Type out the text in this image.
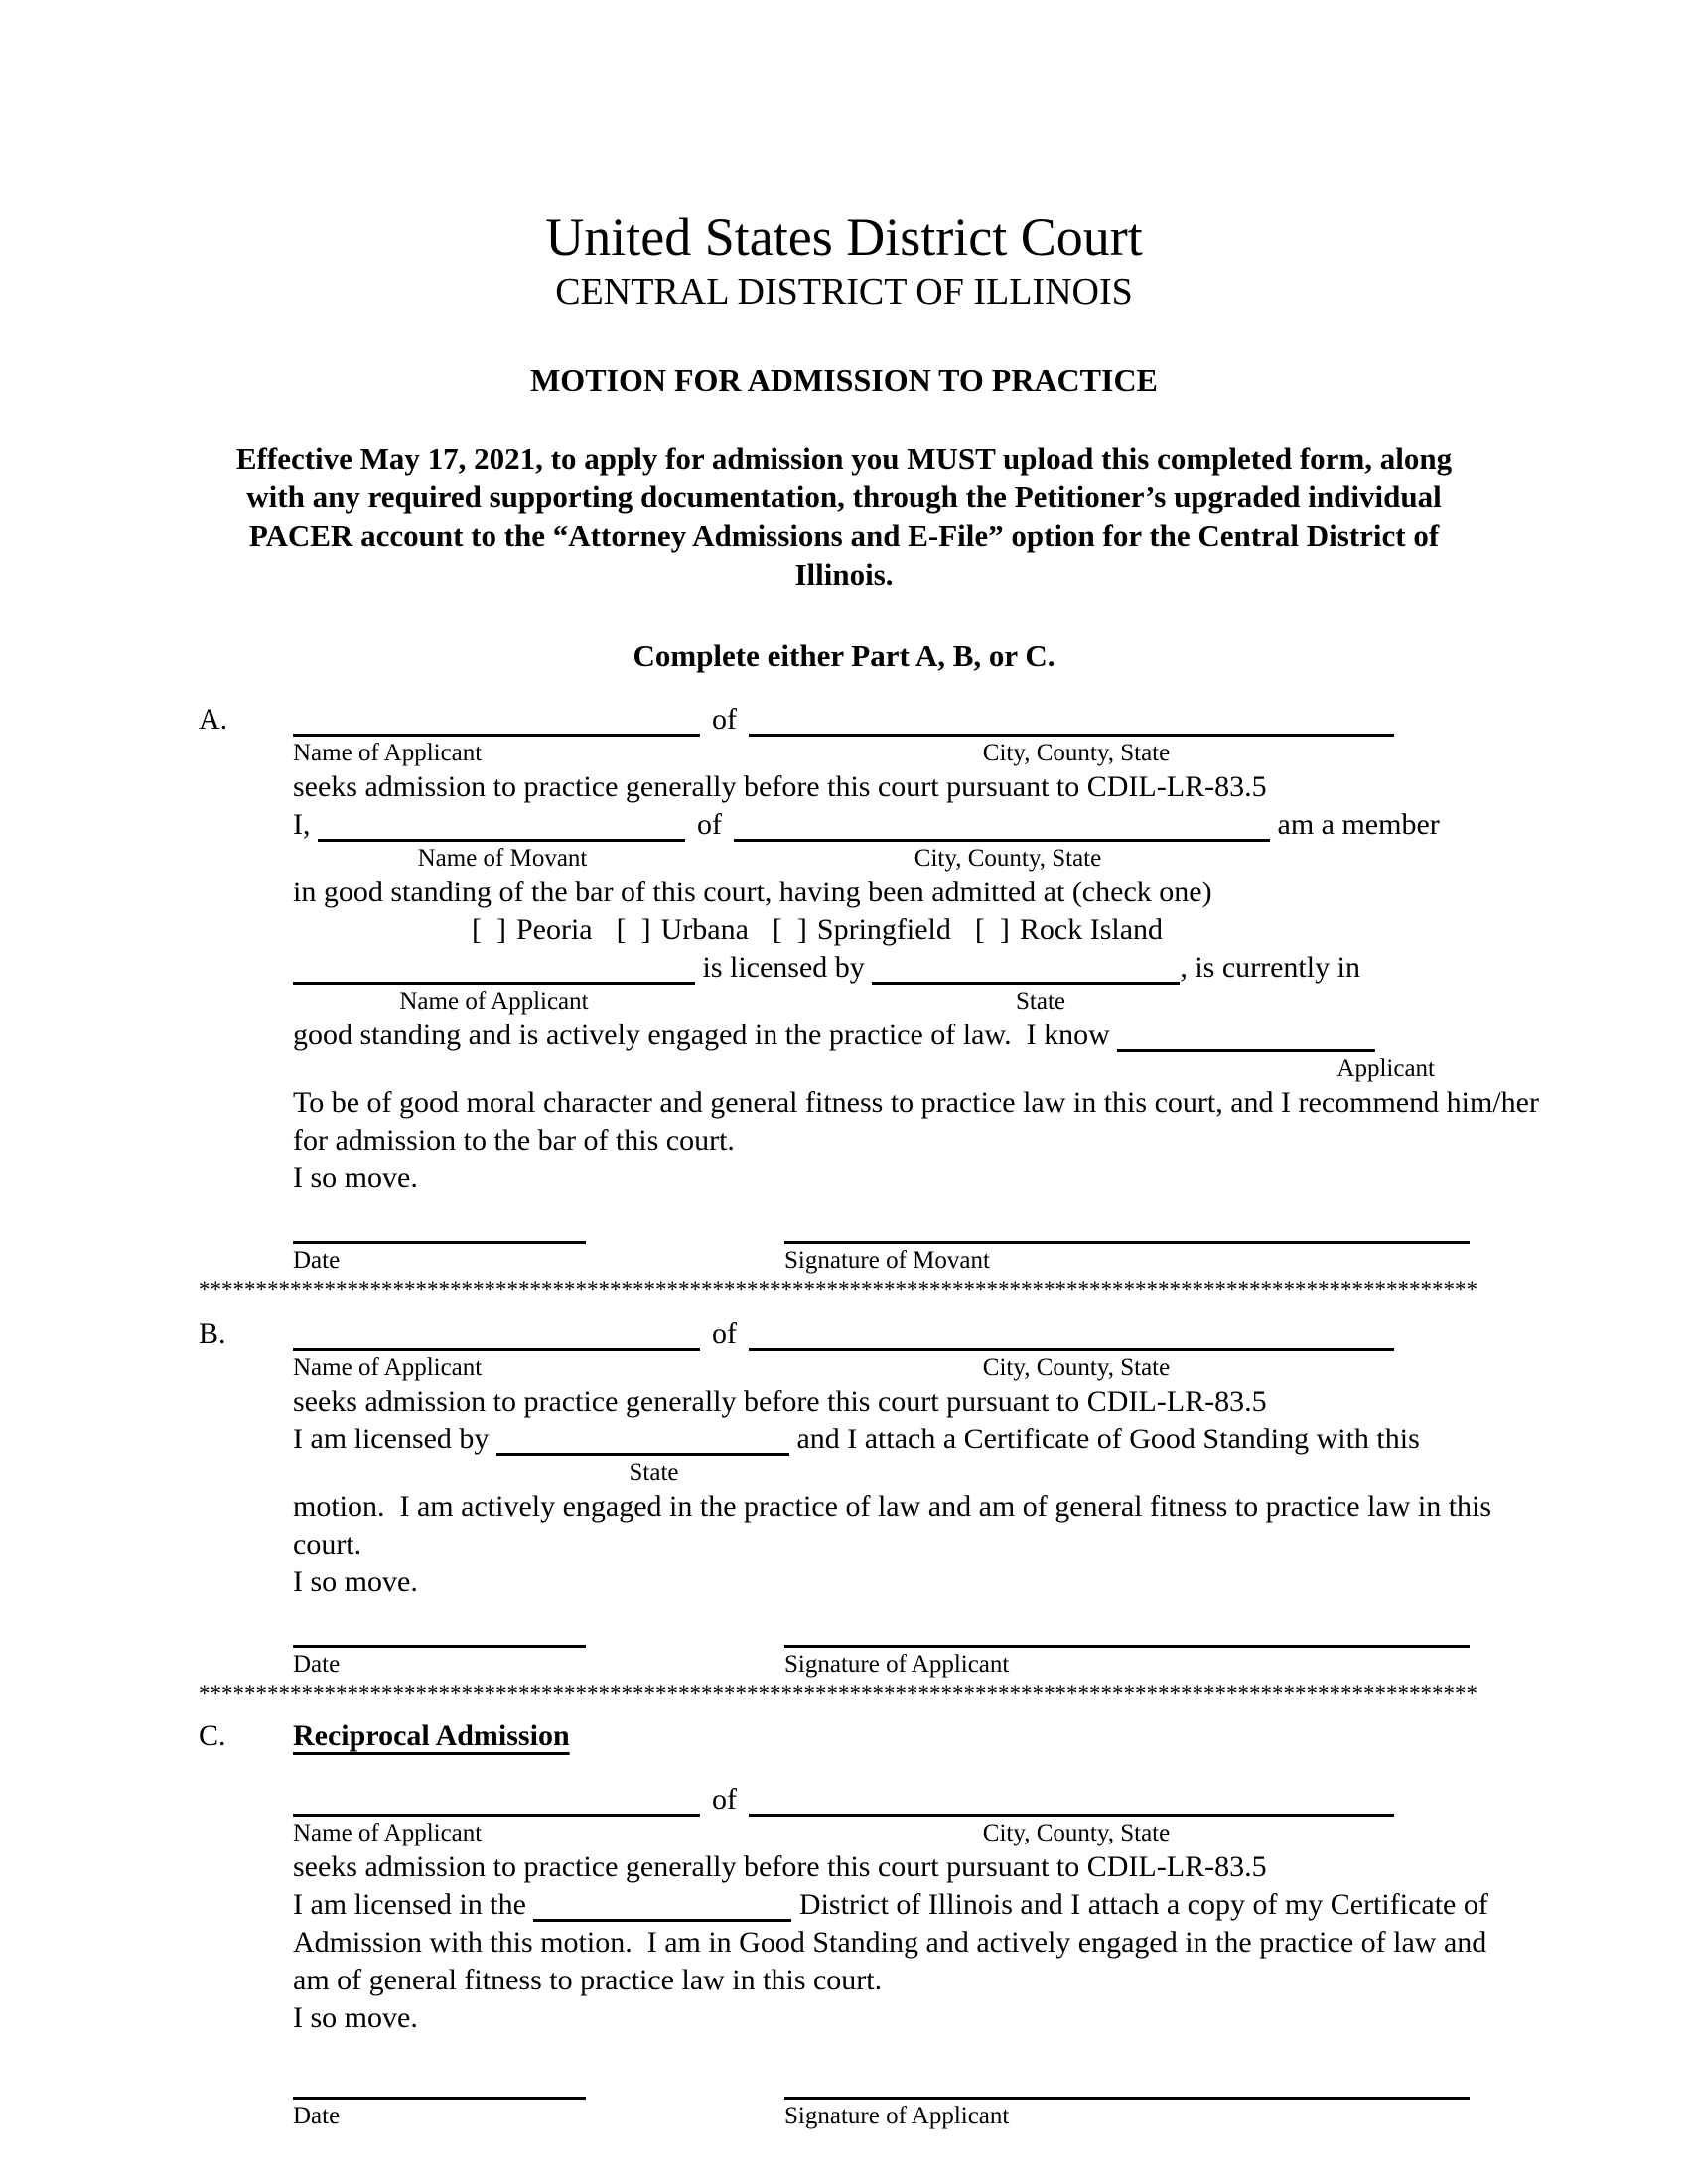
United States District Court
CENTRAL DISTRICT OF ILLINOIS
MOTION FOR ADMISSION TO PRACTICE
Effective May 17, 2021, to apply for admission you MUST upload this completed form, along
with any required supporting documentation, through the Petitioner’s upgraded individual
PACER account to the “Attorney Admissions and E-File” option for the Central District of
Illinois.
Complete either Part A, B, or C.
A.	of
Name of Applicant	City, County, State
seeks admission to practice generally before this court pursuant to CDIL-LR-83.5
I,	of	am a member
Name of Movant	City, County, State
in good standing of the bar of this court, having been admitted at (check one)
[  ] Peoria [  ] Urbana [  ] Springfield [  ] Rock Island
is licensed by	, is currently in
Name of Applicant	State
good standing and is actively engaged in the practice of law.  I know
Applicant
To be of good moral character and general fitness to practice law in this court, and I recommend him/her
for admission to the bar of this court.
I so move.
Date	Signature of Movant
****************************************************************************************************************
B.	of
Name of Applicant	City, County, State
seeks admission to practice generally before this court pursuant to CDIL-LR-83.5
I am licensed by	and I attach a Certificate of Good Standing with this
State
motion.  I am actively engaged in the practice of law and am of general fitness to practice law in this
court.
I so move.
Date	Signature of Applicant
****************************************************************************************************************
C. Reciprocal Admission
of
Name of Applicant	City, County, State
seeks admission to practice generally before this court pursuant to CDIL-LR-83.5
I am licensed in the	District of Illinois and I attach a copy of my Certificate of
Admission with this motion.  I am in Good Standing and actively engaged in the practice of law and
am of general fitness to practice law in this court.
I so move.
Date	Signature of Applicant
